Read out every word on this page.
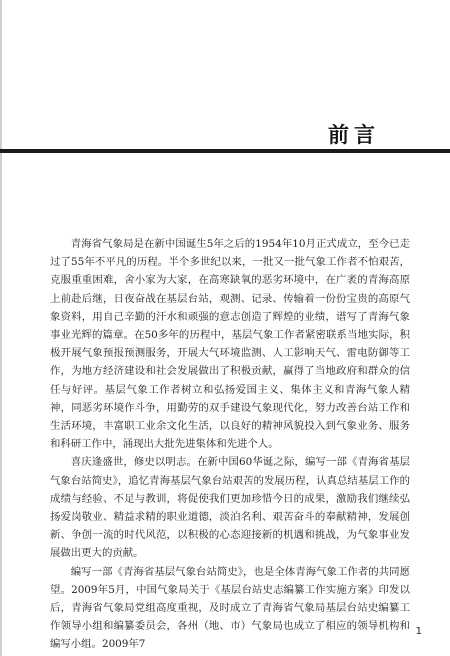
前言

青海省气象局是在新中国诞生5年之后的1954年10月正式成立，至今已走过了55年不平凡的历程。半个多世纪以来，一批又一批气象工作者不怕艰苦，克服重重困难，舍小家为大家，在高寒缺氧的恶劣环境中，在广袤的青海高原上前赴后继，日夜奋战在基层台站，观测、记录、传输着一份份宝贵的高原气象资料，用自己辛勤的汗水和顽强的意志创造了辉煌的业绩，谱写了青海气象事业光辉的篇章。在50多年的历程中，基层气象工作者紧密联系当地实际，积极开展气象预报预测服务，开展大气环境监测、人工影响天气、雷电防御等工作，为地方经济建设和社会发展做出了积极贡献，赢得了当地政府和群众的信任与好评。基层气象工作者树立和弘扬爱国主义、集体主义和青海气象人精神，同恶劣环境作斗争，用勤劳的双手建设气象现代化，努力改善台站工作和生活环境，丰富职工业余文化生活，以良好的精神风貌投入到气象业务、服务和科研工作中，涌现出大批先进集体和先进个人。

喜庆逢盛世，修史以明志。在新中国60华诞之际，编写一部《青海省基层气象台站简史》，追忆青海基层气象台站艰苦的发展历程，认真总结基层工作的成绩与经验、不足与教训，将促使我们更加珍惜今日的成果，激励我们继续弘扬爱岗敬业、精益求精的职业道德，淡泊名利、艰苦奋斗的奉献精神，发展创新、争创一流的时代风范，以积极的心态迎接新的机遇和挑战，为气象事业发展做出更大的贡献。

编写一部《青海省基层气象台站简史》，也是全体青海气象工作者的共同愿望。2009年5月，中国气象局关于《基层台站史志编纂工作实施方案》印发以后，青海省气象局党组高度重视，及时成立了青海省气象局基层台站史编纂工作领导小组和编纂委员会，各州（地、市）气象局也成立了相应的领导机构和编写小组。2009年7

1
